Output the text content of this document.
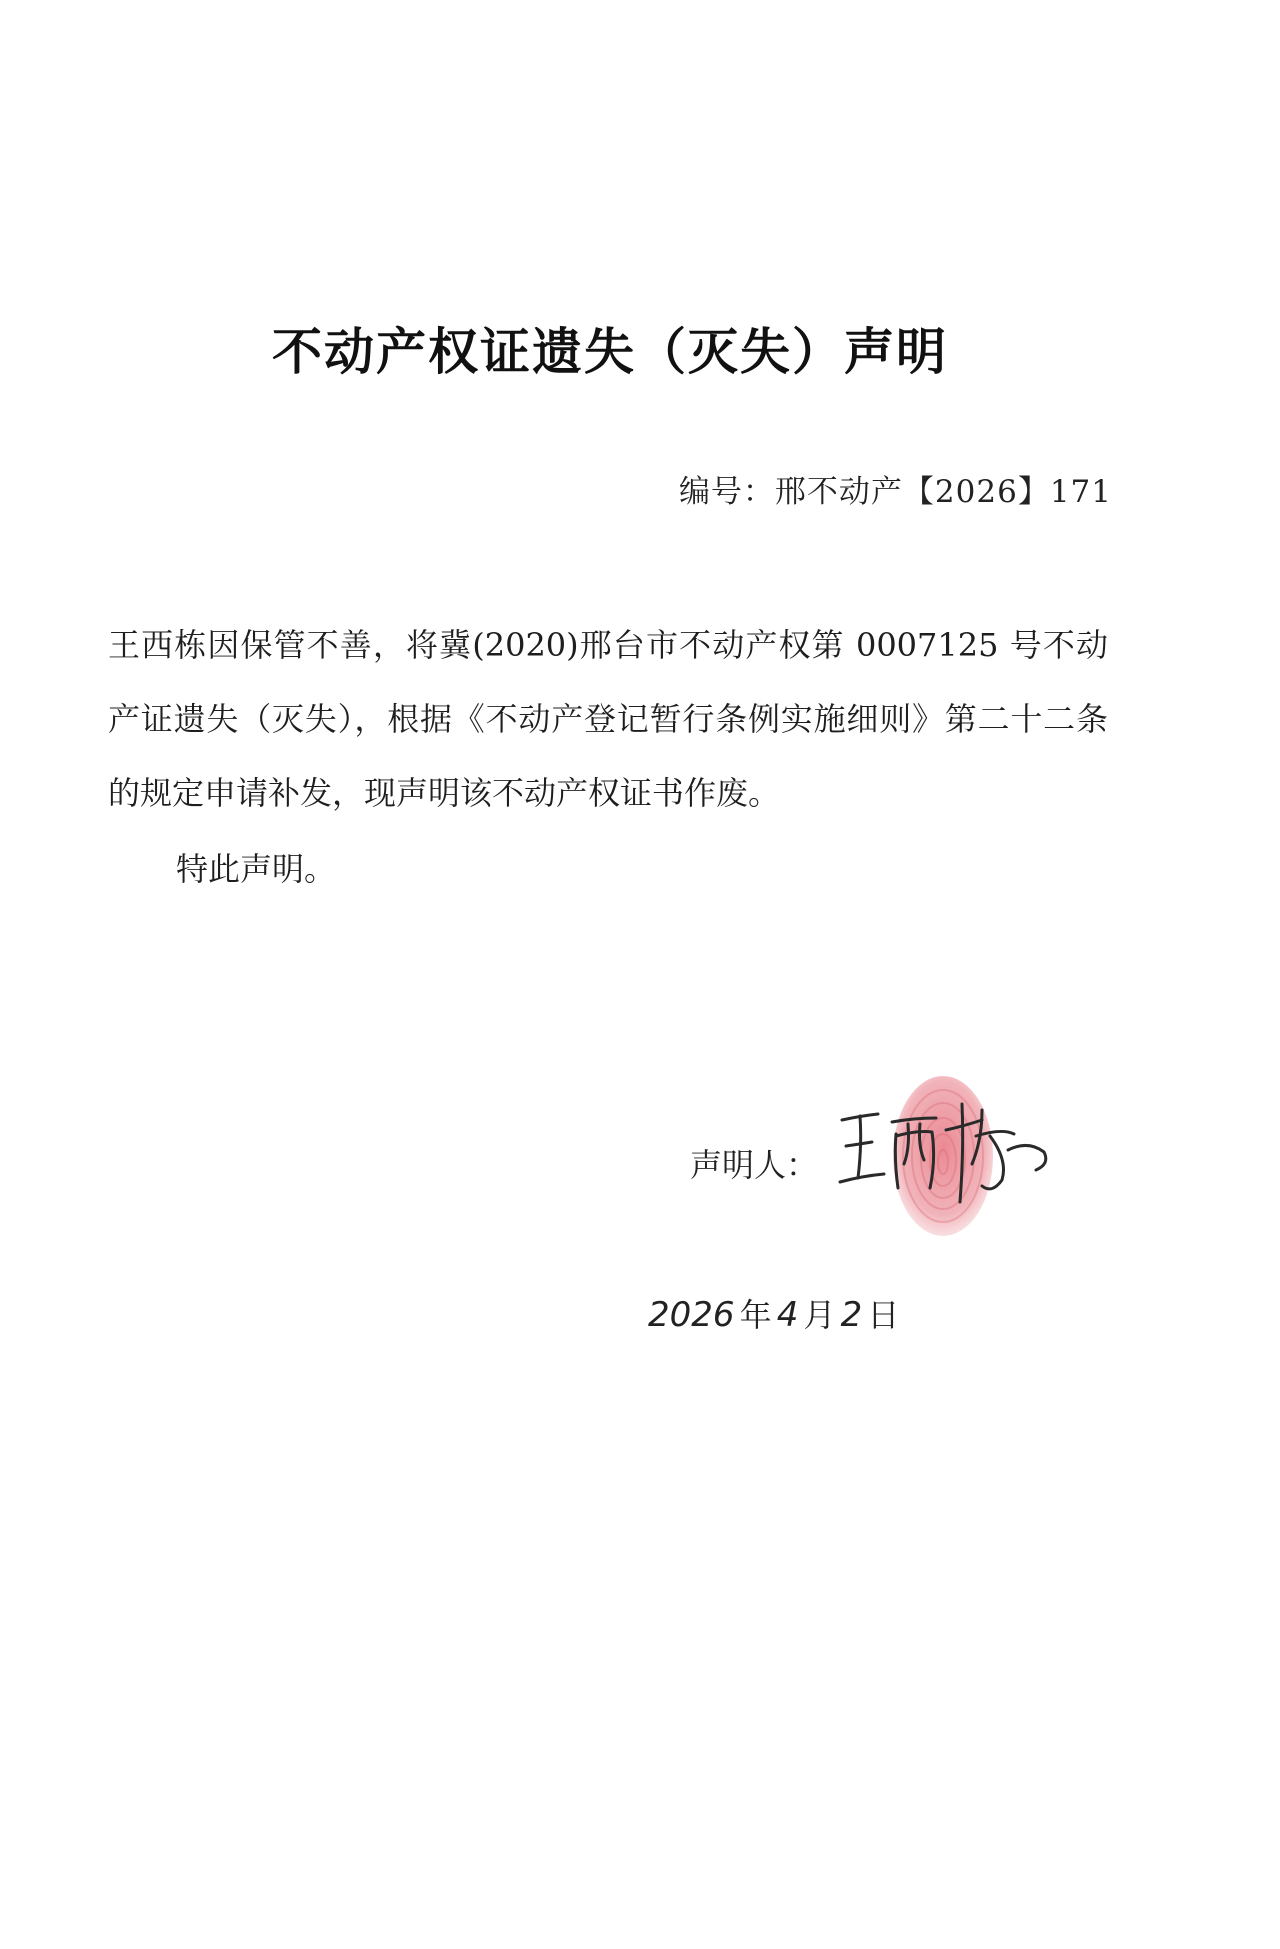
不动产权证遗失（灭失）声明
编号：邢不动产【2026】171

王西栋因保管不善，将冀(2020)邢台市不动产权第 0007125 号不动产证遗失（灭失），根据《不动产登记暂行条例实施细则》第二十二条的规定申请补发，现声明该不动产权证书作废。

特此声明。
声明人：
2026 年 4 月 2 日
